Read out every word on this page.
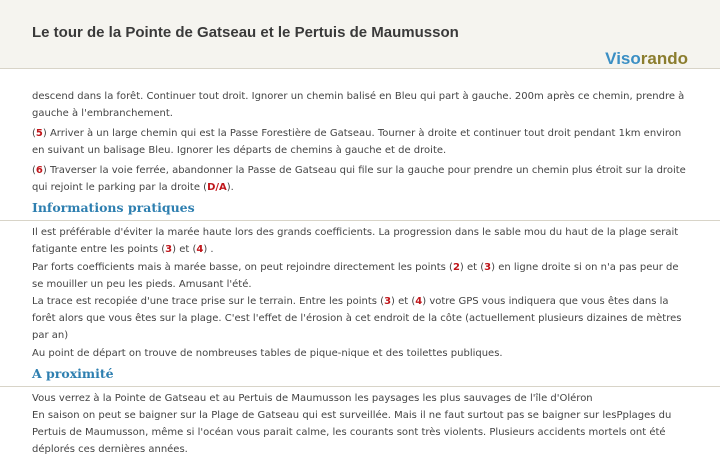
Le tour de la Pointe de Gatseau et le Pertuis de Maumusson
Visorando

descend dans la forêt. Continuer tout droit. Ignorer un chemin balisé en Bleu qui part à gauche. 200m après ce chemin, prendre à gauche à l'embranchement.

(5) Arriver à un large chemin qui est la Passe Forestière de Gatseau. Tourner à droite et continuer tout droit pendant 1km environ en suivant un balisage Bleu. Ignorer les départs de chemins à gauche et de droite.

(6) Traverser la voie ferrée, abandonner la Passe de Gatseau qui file sur la gauche pour prendre un chemin plus étroit sur la droite qui rejoint le parking par la droite (D/A).

Informations pratiques

Il est préférable d'éviter la marée haute lors des grands coefficients. La progression dans le sable mou du haut de la plage serait fatigante entre les points (3) et (4) .
Par forts coefficients mais à marée basse, on peut rejoindre directement les points (2) et (3) en ligne droite si on n'a pas peur de se mouiller un peu les pieds. Amusant l'été.
La trace est recopiée d'une trace prise sur le terrain. Entre les points (3) et (4) votre GPS vous indiquera que vous êtes dans la forêt alors que vous êtes sur la plage. C'est l'effet de l'érosion à cet endroit de la côte (actuellement plusieurs dizaines de mètres par an)
Au point de départ on trouve de nombreuses tables de pique-nique et des toilettes publiques.

A proximité

Vous verrez à la Pointe de Gatseau et au Pertuis de Maumusson les paysages les plus sauvages de l'île d'Oléron
En saison on peut se baigner sur la Plage de Gatseau qui est surveillée. Mais il ne faut surtout pas se baigner sur lesPplages du Pertuis de Maumusson, même si l'océan vous parait calme, les courants sont très violents. Plusieurs accidents mortels ont été déplorés ces dernières années.
